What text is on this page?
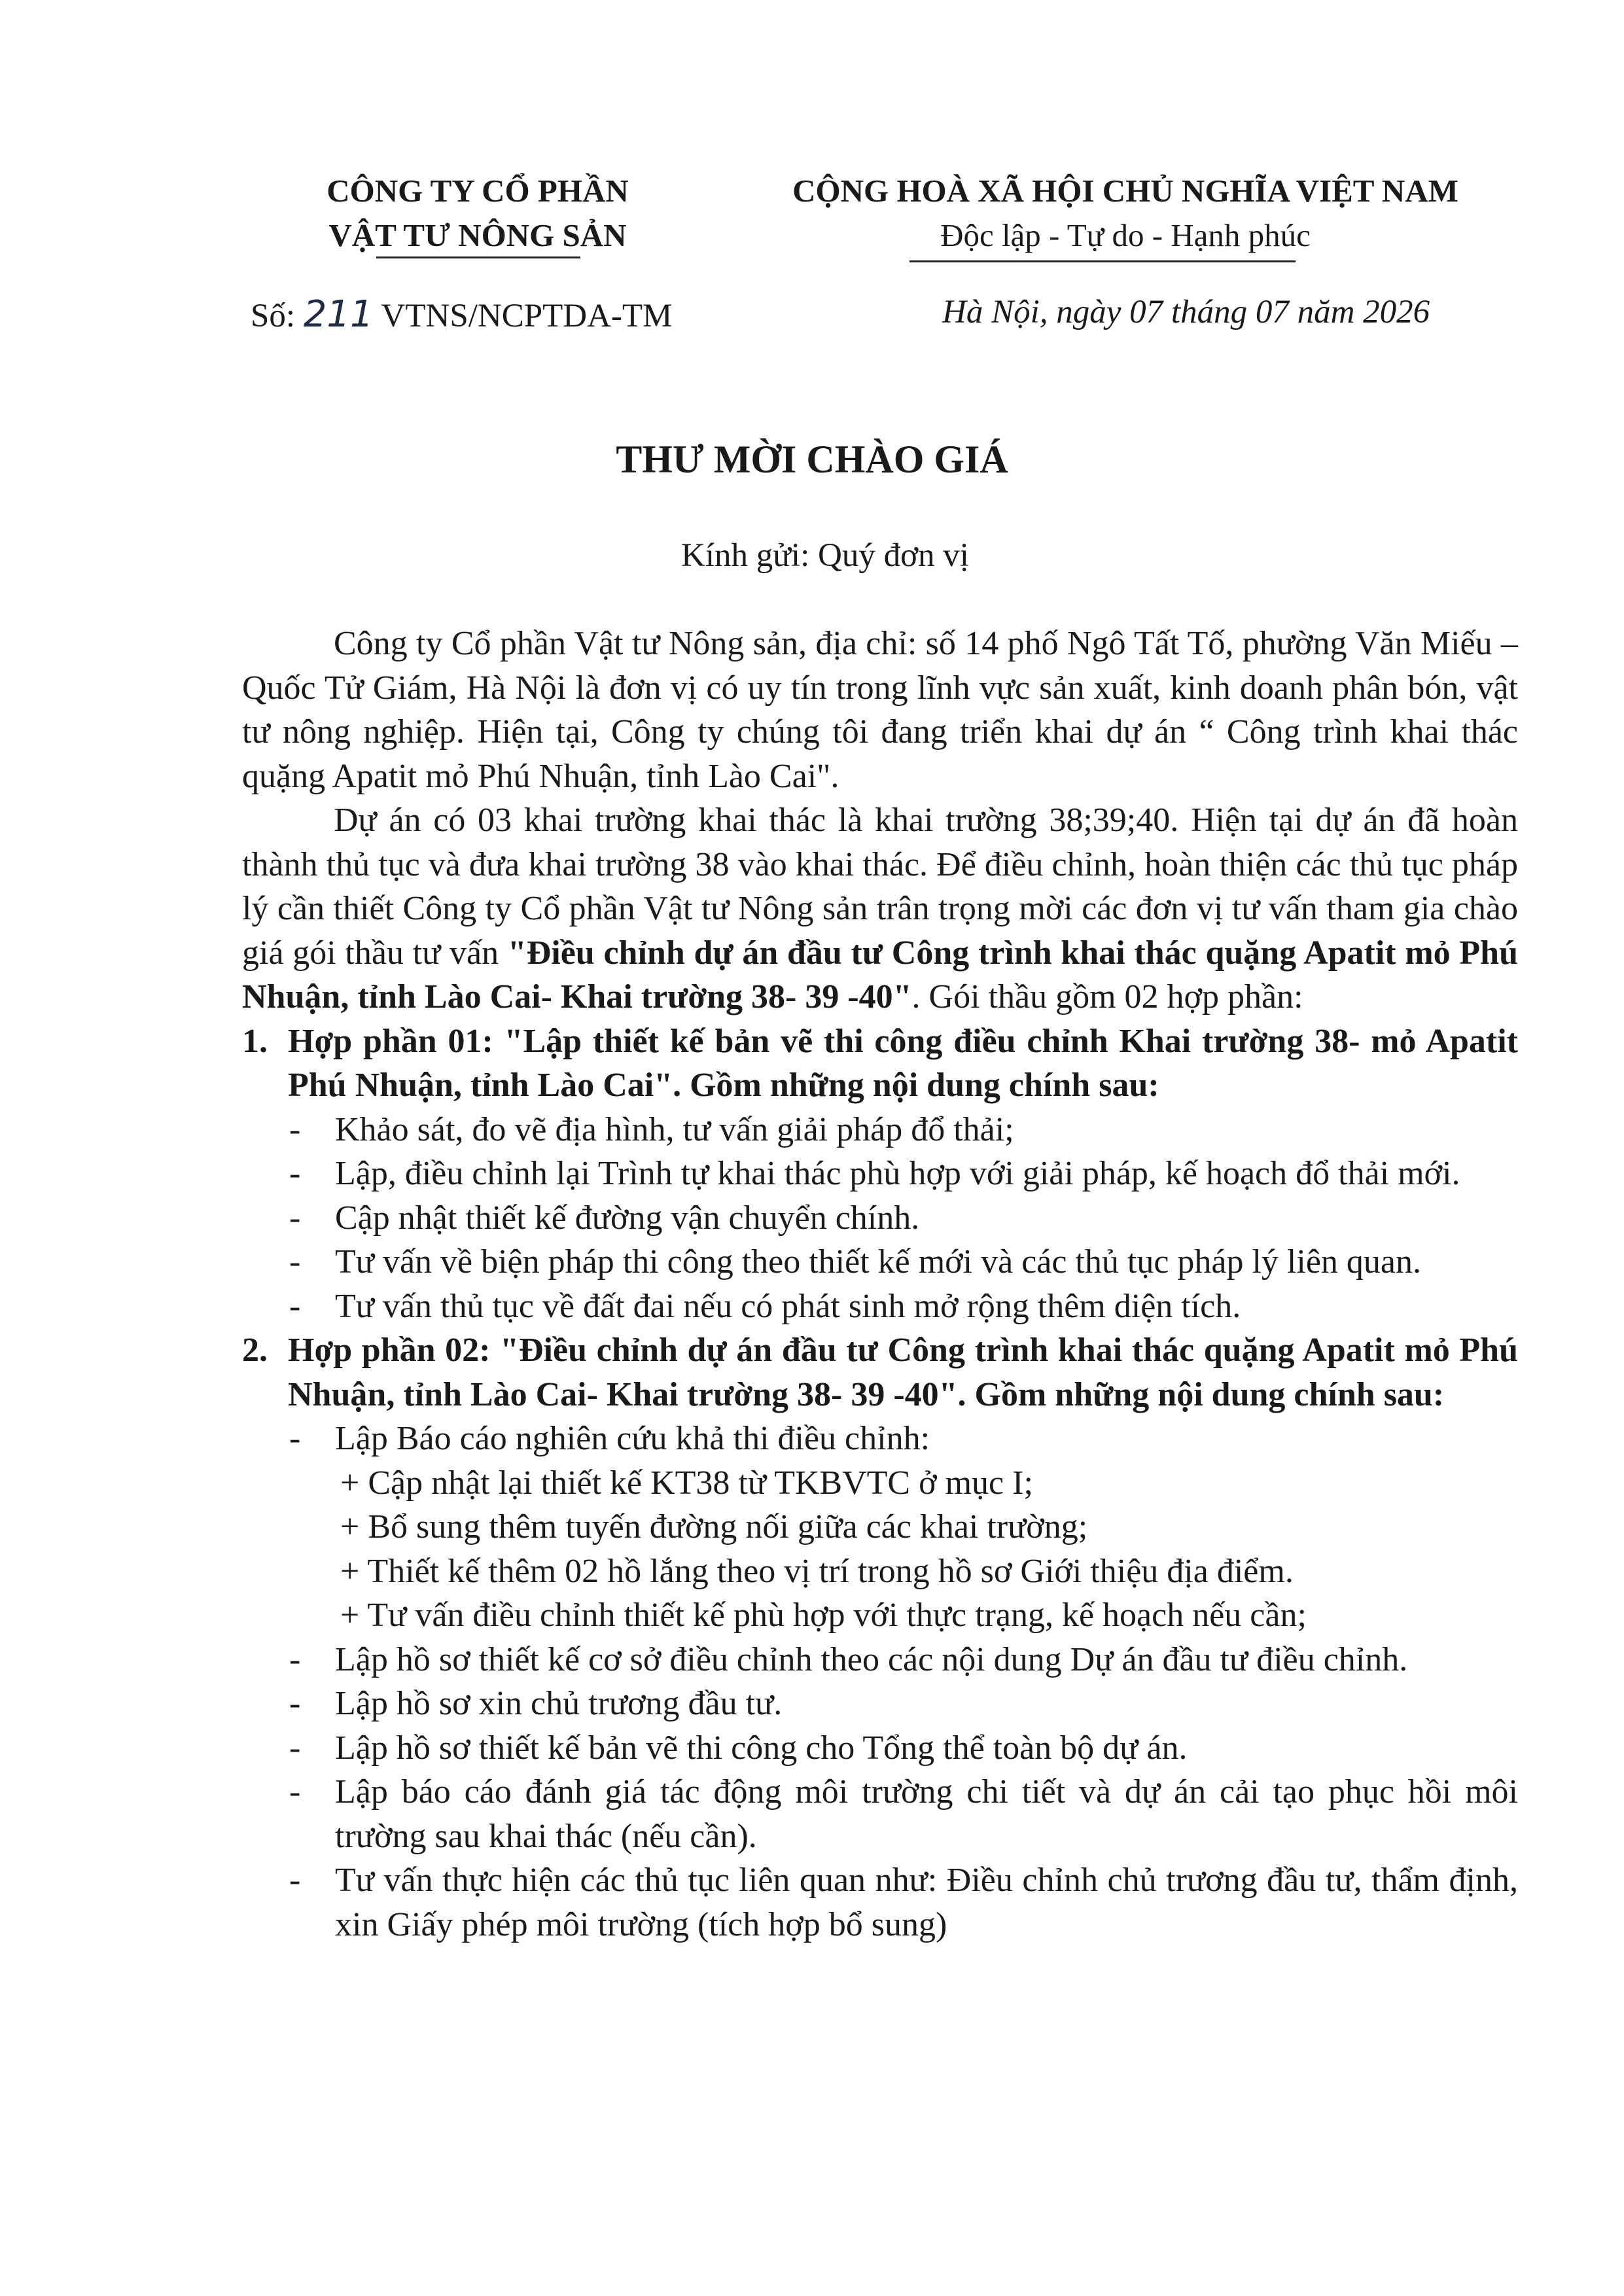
CÔNG TY CỔ PHẦN
VẬT TƯ NÔNG SẢN
CỘNG HOÀ XÃ HỘI CHỦ NGHĨA VIỆT NAM
Độc lập - Tự do - Hạnh phúc
Số: 211 VTNS/NCPTDA-TM	Hà Nội, ngày 07 tháng 07 năm 2026
THƯ MỜI CHÀO GIÁ
Kính gửi: Quý đơn vị

Công ty Cổ phần Vật tư Nông sản, địa chỉ: số 14 phố Ngô Tất Tố, phường Văn Miếu – Quốc Tử Giám, Hà Nội là đơn vị có uy tín trong lĩnh vực sản xuất, kinh doanh phân bón, vật tư nông nghiệp. Hiện tại, Công ty chúng tôi đang triển khai dự án “ Công trình khai thác quặng Apatit mỏ Phú Nhuận, tỉnh Lào Cai".

Dự án có 03 khai trường khai thác là khai trường 38;39;40. Hiện tại dự án đã hoàn thành thủ tục và đưa khai trường 38 vào khai thác. Để điều chỉnh, hoàn thiện các thủ tục pháp lý cần thiết Công ty Cổ phần Vật tư Nông sản trân trọng mời các đơn vị tư vấn tham gia chào giá gói thầu tư vấn "Điều chỉnh dự án đầu tư Công trình khai thác quặng Apatit mỏ Phú Nhuận, tỉnh Lào Cai- Khai trường 38- 39 -40". Gói thầu gồm 02 hợp phần:

1. Hợp phần 01: "Lập thiết kế bản vẽ thi công điều chỉnh Khai trường 38- mỏ Apatit Phú Nhuận, tỉnh Lào Cai". Gồm những nội dung chính sau:
-	Khảo sát, đo vẽ địa hình, tư vấn giải pháp đổ thải;
-	Lập, điều chỉnh lại Trình tự khai thác phù hợp với giải pháp, kế hoạch đổ thải mới.
-	Cập nhật thiết kế đường vận chuyển chính.
-	Tư vấn về biện pháp thi công theo thiết kế mới và các thủ tục pháp lý liên quan.
-	Tư vấn thủ tục về đất đai nếu có phát sinh mở rộng thêm diện tích.
2. Hợp phần 02: "Điều chỉnh dự án đầu tư Công trình khai thác quặng Apatit mỏ Phú Nhuận, tỉnh Lào Cai- Khai trường 38- 39 -40". Gồm những nội dung chính sau:
-	Lập Báo cáo nghiên cứu khả thi điều chỉnh:
+ Cập nhật lại thiết kế KT38 từ TKBVTC ở mục I;
+ Bổ sung thêm tuyến đường nối giữa các khai trường;
+ Thiết kế thêm 02 hồ lắng theo vị trí trong hồ sơ Giới thiệu địa điểm.
+ Tư vấn điều chỉnh thiết kế phù hợp với thực trạng, kế hoạch nếu cần;
-	Lập hồ sơ thiết kế cơ sở điều chỉnh theo các nội dung Dự án đầu tư điều chỉnh.
-	Lập hồ sơ xin chủ trương đầu tư.
-	Lập hồ sơ thiết kế bản vẽ thi công cho Tổng thể toàn bộ dự án.
-	Lập báo cáo đánh giá tác động môi trường chi tiết và dự án cải tạo phục hồi môi trường sau khai thác (nếu cần).
-	Tư vấn thực hiện các thủ tục liên quan như: Điều chỉnh chủ trương đầu tư, thẩm định, xin Giấy phép môi trường (tích hợp bổ sung)
